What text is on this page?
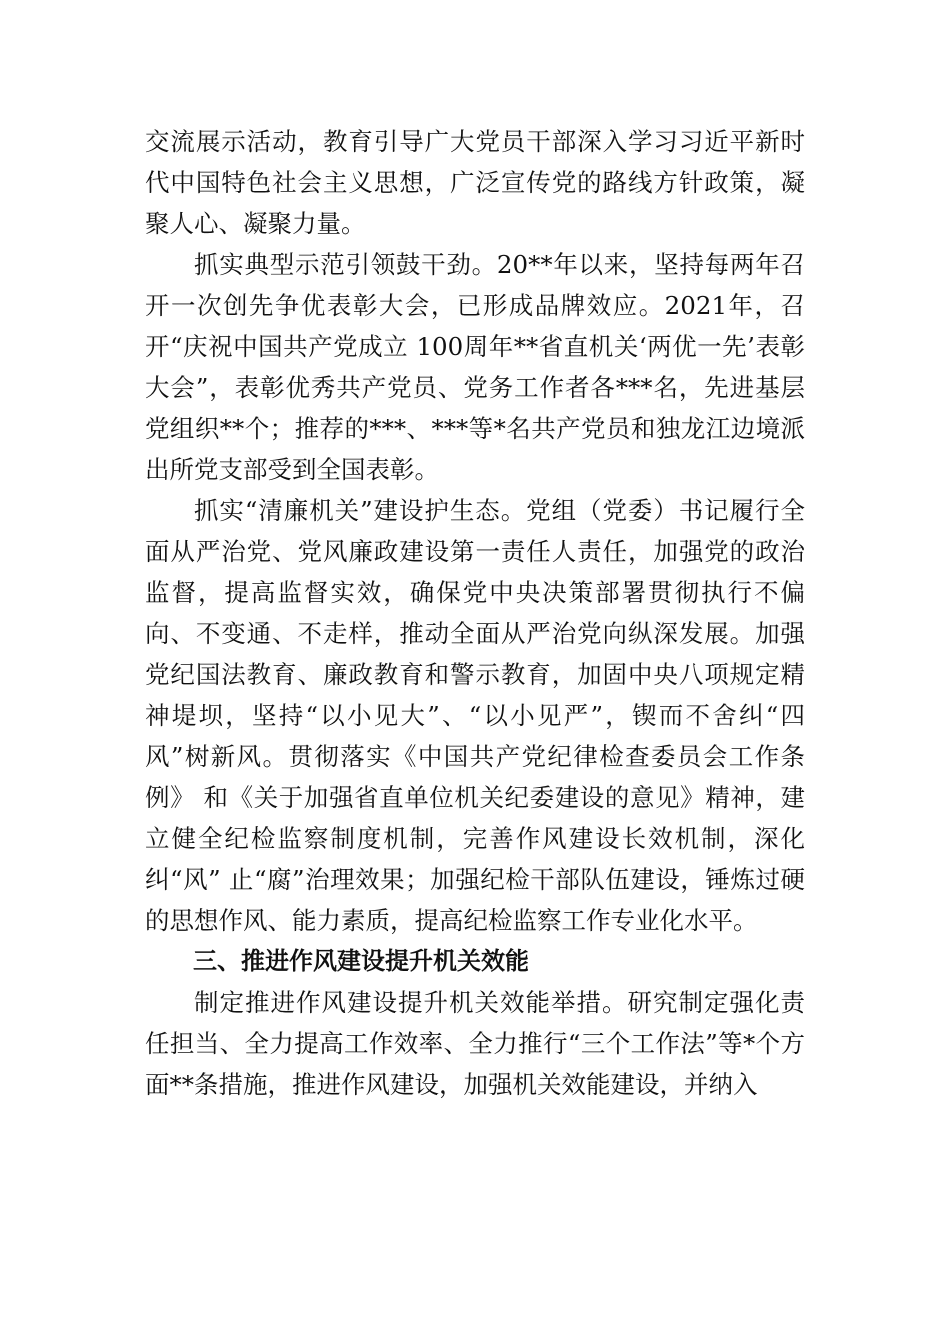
交流展示活动，教育引导广大党员干部深入学习习近平新时代中国特色社会主义思想，广泛宣传党的路线方针政策，凝聚人心、凝聚力量。

抓实典型示范引领鼓干劲。20**年以来，坚持每两年召开一次创先争优表彰大会，已形成品牌效应。2021年，召开“庆祝中国共产党成立 100周年**省直机关‘两优一先’表彰大会”，表彰优秀共产党员、党务工作者各***名，先进基层党组织**个；推荐的***、***等*名共产党员和独龙江边境派出所党支部受到全国表彰。

抓实“清廉机关”建设护生态。党组（党委）书记履行全面从严治党、党风廉政建设第一责任人责任，加强党的政治监督，提高监督实效，确保党中央决策部署贯彻执行不偏向、不变通、不走样，推动全面从严治党向纵深发展。加强党纪国法教育、廉政教育和警示教育，加固中央八项规定精神堤坝，坚持“以小见大”、“以小见严”，锲而不舍纠“四风”树新风。贯彻落实《中国共产党纪律检查委员会工作条例》 和《关于加强省直单位机关纪委建设的意见》精神，建立健全纪检监察制度机制，完善作风建设长效机制，深化纠“风” 止“腐”治理效果；加强纪检干部队伍建设，锤炼过硬的思想作风、能力素质，提高纪检监察工作专业化水平。

三、推进作风建设提升机关效能

制定推进作风建设提升机关效能举措。研究制定强化责任担当、全力提高工作效率、全力推行“三个工作法”等*个方面**条措施，推进作风建设，加强机关效能建设，并纳入
